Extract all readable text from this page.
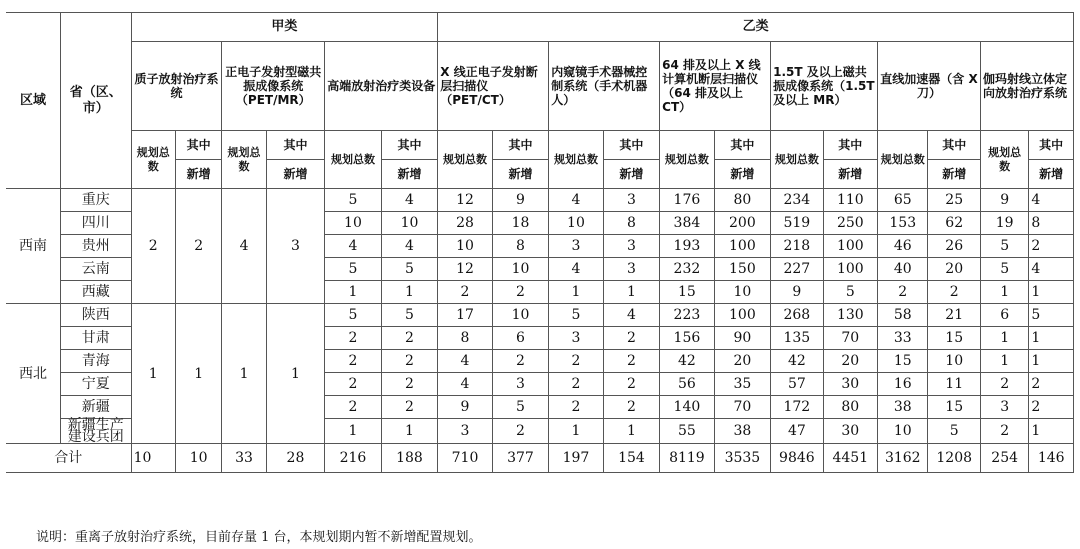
区域	省（区、市）	甲类						乙类											
		质子放射治疗系统		正电子发射型磁共振成像系统（PET/MR）		高端放射治疗类设备		X 线正电子发射断层扫描仪（PET/CT）		内窥镜手术器械控制系统（手术机器人）		64 排及以上 X 线计算机断层扫描仪（64 排及以上 CT）		1.5T 及以上磁共振成像系统（1.5T 及以上 MR）		直线加速器（含 X 刀）		伽玛射线立体定向放射治疗系统	
		规划总数	其中	规划总数	其中	规划总数	其中	规划总数	其中	规划总数	其中	规划总数	其中	规划总数	其中	规划总数	其中	规划总数	其中
			新增		新增		新增		新增		新增		新增		新增		新增		新增
西南	重庆	2	2	4	3	5	4	12	9	4	3	176	80	234	110	65	25	9	4
	四川					10	10	28	18	10	8	384	200	519	250	153	62	19	8
	贵州					4	4	10	8	3	3	193	100	218	100	46	26	5	2
	云南					5	5	12	10	4	3	232	150	227	100	40	20	5	4
	西藏					1	1	2	2	1	1	15	10	9	5	2	2	1	1
西北	陕西	1	1	1	1	5	5	17	10	5	4	223	100	268	130	58	21	6	5
	甘肃					2	2	8	6	3	2	156	90	135	70	33	15	1	1
	青海					2	2	4	2	2	2	42	20	42	20	15	10	1	1
	宁夏					2	2	4	3	2	2	56	35	57	30	16	11	2	2
	新疆					2	2	9	5	2	2	140	70	172	80	38	15	3	2
	新疆生产建设兵团					1	1	3	2	1	1	55	38	47	30	10	5	2	1
合计		10	10	33	28	216	188	710	377	197	154	8119	3535	9846	4451	3162	1208	254	146
说明：重离子放射治疗系统，目前存量 1 台，本规划期内暂不新增配置规划。
